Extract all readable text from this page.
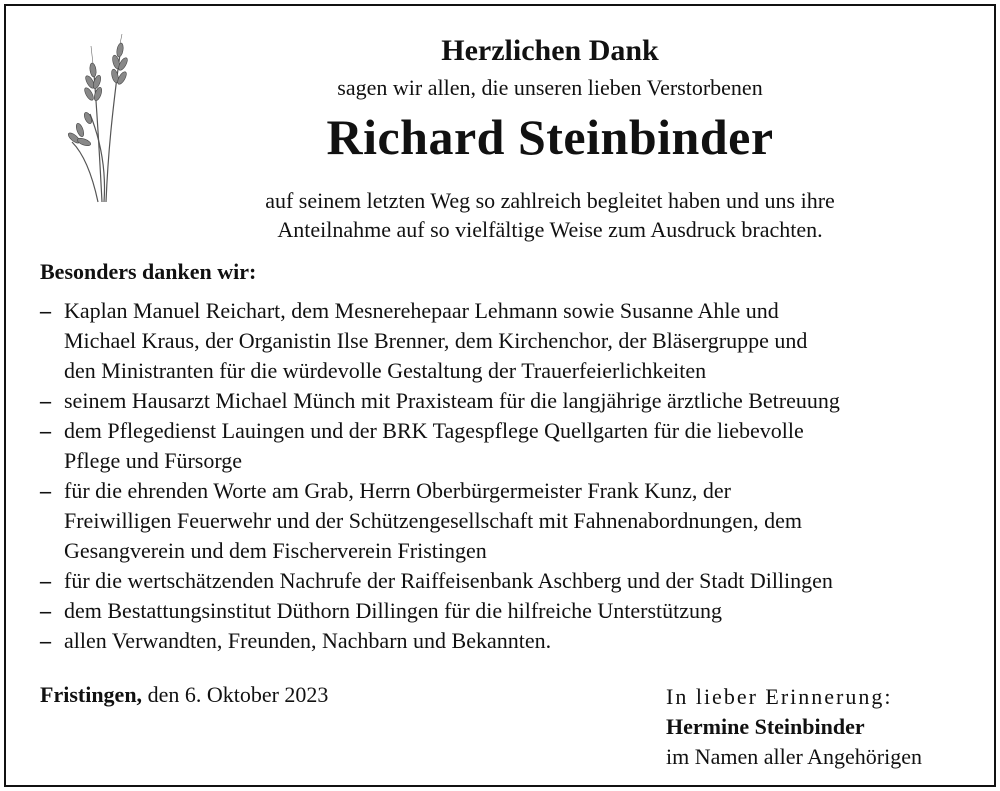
Herzlichen Dank
sagen wir allen, die unseren lieben Verstorbenen
Richard Steinbinder
auf seinem letzten Weg so zahlreich begleitet haben und uns ihre
Anteilnahme auf so vielfältige Weise zum Ausdruck brachten.
Besonders danken wir:
– Kaplan Manuel Reichart, dem Mesnerehepaar Lehmann sowie Susanne Ahle und
Michael Kraus, der Organistin Ilse Brenner, dem Kirchenchor, der Bläsergruppe und
den Ministranten für die würdevolle Gestaltung der Trauerfeierlichkeiten
– seinem Hausarzt Michael Münch mit Praxisteam für die langjährige ärztliche Betreuung
– dem Pflegedienst Lauingen und der BRK Tagespflege Quellgarten für die liebevolle
Pflege und Fürsorge
– für die ehrenden Worte am Grab, Herrn Oberbürgermeister Frank Kunz, der
Freiwilligen Feuerwehr und der Schützengesellschaft mit Fahnenabordnungen, dem
Gesangverein und dem Fischerverein Fristingen
– für die wertschätzenden Nachrufe der Raiffeisenbank Aschberg und der Stadt Dillingen
– dem Bestattungsinstitut Düthorn Dillingen für die hilfreiche Unterstützung
– allen Verwandten, Freunden, Nachbarn und Bekannten.
Fristingen, den 6. Oktober 2023	In lieber Erinnerung:
Hermine Steinbinder
im Namen aller Angehörigen
